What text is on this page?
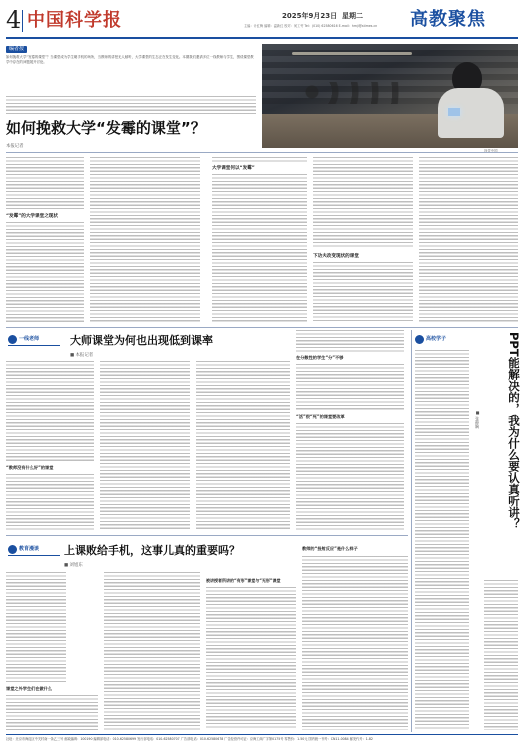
4 中国科学报	2025年9月23日 星期二
主编：计红梅 编辑：温新红 校对：何工劳 Tel：(010) 62580616 E-mail：hmji@stimes.cn	高教聚焦
编者按
如何挽救大学“发霉的课堂”？当课堂成为学生刷手机的场所，当教师的讲授无人倾听，大学课堂的生态正在发生变化。本期我们邀请多位一线教师与学生，围绕课堂教学中存在的问题展开讨论。
视觉中国
如何挽救大学“发霉的课堂”？
本报记者
“发霉”的大学课堂之现状
大学课堂何以“发霉”
下功夫改变现状的课堂
一线老师	大师课堂为何也出现低到课率
■ 本报记者
“教师没有什么好”的课堂
在分散性的学生“分”不够
“活”很“死”的课堂要改革
教育漫谈 上课败给手机，这事儿真的重要吗？
■ 刘旭东
课堂之外学生们在做什么
被讲授者所讲的“有形”课堂与“无形”课堂
教师的“投射反应”是什么样子
高校学子
■ 张静娴	PPT能解决的，我为什么要认真听讲？
社址：北京市海淀区中关村南一条乙三号 邮政编码：100190 编辑部电话：010-62580699 发行部电话：010-62580707 广告部电话：010-62580678 广告经营许可证：京海工商广字第0175号 零售价：1.50元 国内统一刊号：CN11-0084 邮发代号：1-82
